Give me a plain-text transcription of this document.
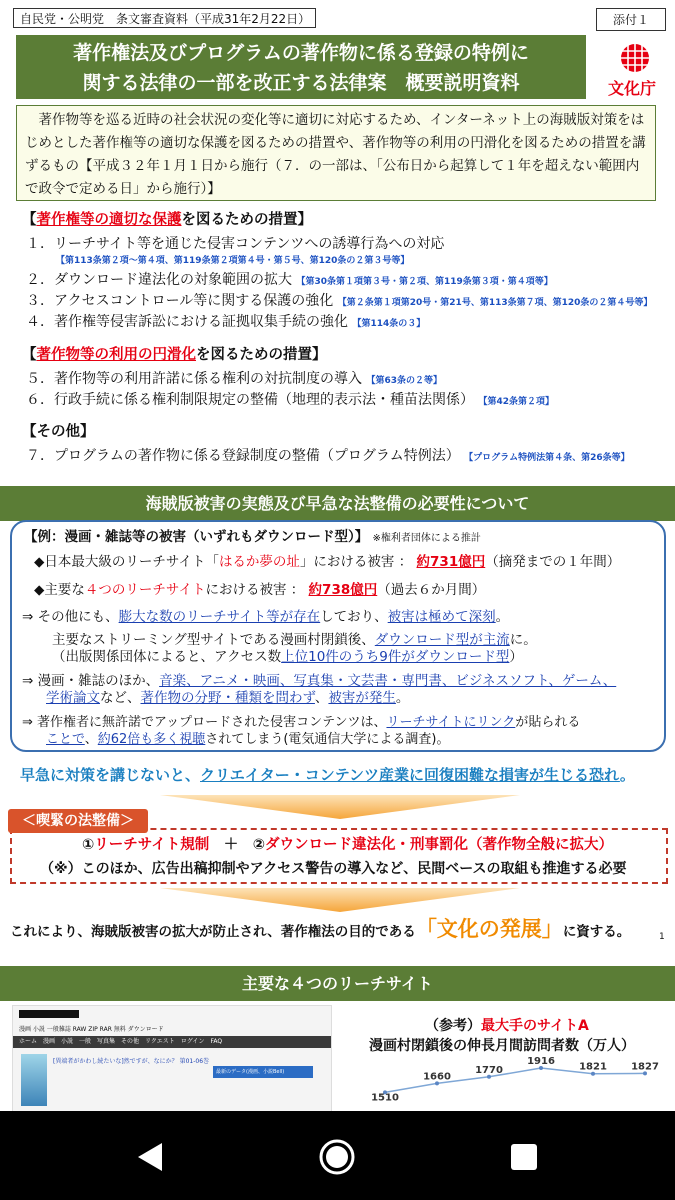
自民党・公明党　条文審査資料（平成31年2月22日）	添付１
著作権法及びプログラムの著作物に係る登録の特例に
関する法律の一部を改正する法律案　概要説明資料	文化庁
　著作物等を巡る近時の社会状況の変化等に適切に対応するため、インターネット上の海賊版対策をはじめとした著作権等の適切な保護を図るための措置や、著作物等の利用の円滑化を図るための措置を講ずるもの【平成３２年１月１日から施行（７．の一部は、「公布日から起算して１年を超えない範囲内で政令で定める日」から施行）】
【著作権等の適切な保護を図るための措置】
１．リーチサイト等を通じた侵害コンテンツへの誘導行為への対応
【第113条第２項～第４項、第119条第２項第４号・第５号、第120条の２第３号等】
２．ダウンロード違法化の対象範囲の拡大 【第30条第１項第３号・第２項、第119条第３項・第４項等】
３．アクセスコントロール等に関する保護の強化 【第２条第１項第20号・第21号、第113条第７項、第120条の２第４号等】
４．著作権等侵害訴訟における証拠収集手続の強化 【第114条の３】
【著作物等の利用の円滑化を図るための措置】
５．著作物等の利用許諾に係る権利の対抗制度の導入 【第63条の２等】
６．行政手続に係る権利制限規定の整備（地理的表示法・種苗法関係） 【第42条第２項】
【その他】
７．プログラムの著作物に係る登録制度の整備（プログラム特例法） 【プログラム特例法第４条、第26条等】
海賊版被害の実態及び早急な法整備の必要性について
【例：漫画・雑誌等の被害（いずれもダウンロード型）】 ※権利者団体による推計
◆日本最大級のリーチサイト「はるか夢の址」における被害 ： 約731億円（摘発までの１年間）
◆主要な４つのリーチサイトにおける被害 ： 約738億円（過去６か月間）
⇒ その他にも、膨大な数のリーチサイト等が存在しており、被害は極めて深刻。
主要なストリーミング型サイトである漫画村閉鎖後、ダウンロード型が主流に。
（出版関係団体によると、アクセス数上位10件のうち9件がダウンロード型）
⇒ 漫画・雑誌のほか、音楽、アニメ・映画、写真集・文芸書・専門書、ビジネスソフト、ゲーム、
学術論文など、著作物の分野・種類を問わず、被害が発生。
⇒ 著作権者に無許諾でアップロードされた侵害コンテンツは、リーチサイトにリンクが貼られる
ことで、約62倍も多く視聴されてしまう(電気通信大学による調査)。
早急に対策を講じないと、クリエイター・コンテンツ産業に回復困難な損害が生じる恐れ。
①リーチサイト規制　＋　②ダウンロード違法化・刑事罰化（著作物全般に拡大）
（※）このほか、広告出稿抑制やアクセス警告の導入など、民間ベースの取組も推進する必要
＜喫緊の法整備＞
これにより、海賊版被害の拡大が防止され、著作権法の目的である「文化の発展」に資する。	1
主要な４つのリーチサイト
漫画 小説 一般雑誌 RAW ZIP RAR 無料 ダウンロード
ホーム　漫画　小説　一般　写真集　その他　リクエスト　ログイン　FAQ
[異端者がかわし続たいな]然ですが、なにか？ 第01-06巻
最新のデータ(漫画、小説Bell)
（参考）最大手のサイトA
漫画村閉鎖後の伸長月間訪問者数（万人）
1510
1660
1770
1916
1821 1827
